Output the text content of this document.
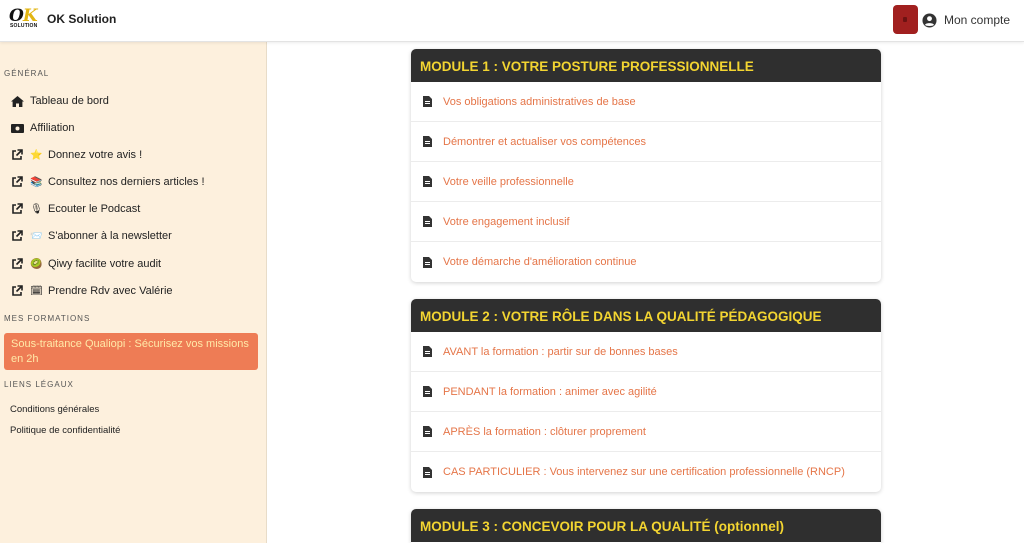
OK
SOLUTION OK Solution	Mon compte
GÉNÉRAL
Tableau de bord
Affiliation
⭐ Donnez votre avis !
📚 Consultez nos derniers articles !
🎙 Ecouter le Podcast
📨 S'abonner à la newsletter
🥝 Qiwy facilite votre audit
🗓 Prendre Rdv avec Valérie
MES FORMATIONS
Sous-traitance Qualiopi : Sécurisez vos missions en 2h
LIENS LÉGAUX
Conditions générales
Politique de confidentialité
MODULE 1 : VOTRE POSTURE PROFESSIONNELLE
Vos obligations administratives de base
Démontrer et actualiser vos compétences
Votre veille professionnelle
Votre engagement inclusif
Votre démarche d'amélioration continue
MODULE 2 : VOTRE RÔLE DANS LA QUALITÉ PÉDAGOGIQUE
AVANT la formation : partir sur de bonnes bases
PENDANT la formation : animer avec agilité
APRÈS la formation : clôturer proprement
CAS PARTICULIER : Vous intervenez sur une certification professionnelle (RNCP)
MODULE 3 : CONCEVOIR POUR LA QUALITÉ (optionnel)
